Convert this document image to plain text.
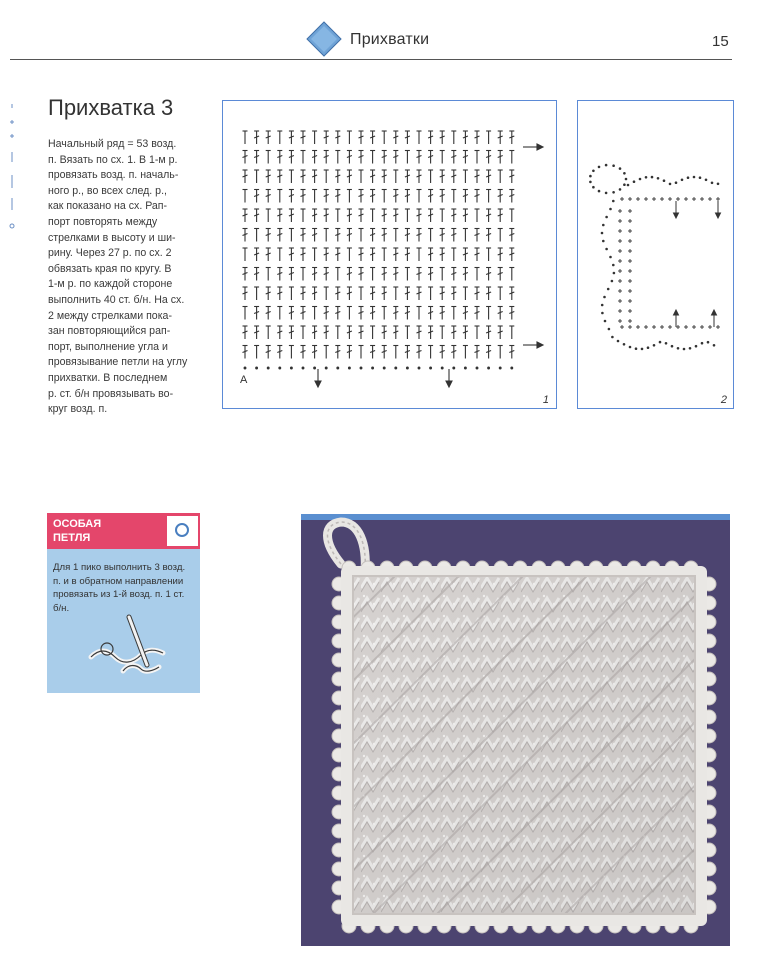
Прихватки	15
Прихватка 3
Начальный ряд = 53 возд.
п. Вязать по сх. 1. В 1-м р.
провязать возд. п. началь-
ного р., во всех след. р.,
как показано на сх. Рап-
порт повторять между
стрелками в высоту и ши-
рину. Через 27 р. по сх. 2
обвязать края по кругу. В
1-м р. по каждой стороне
выполнить 40 ст. б/н. На сх.
2 между стрелками пока-
зан повторяющийся рап-
порт, выполнение угла и
провязывание петли на углу
прихватки. В последнем
р. ст. б/н провязывать во-
круг возд. п.
A
1	2
ОСОБАЯ
ПЕТЛЯ
Для 1 пико выполнить 3 возд.
п. и в обратном направлении
провязать из 1-й возд. п. 1 ст.
б/н.
